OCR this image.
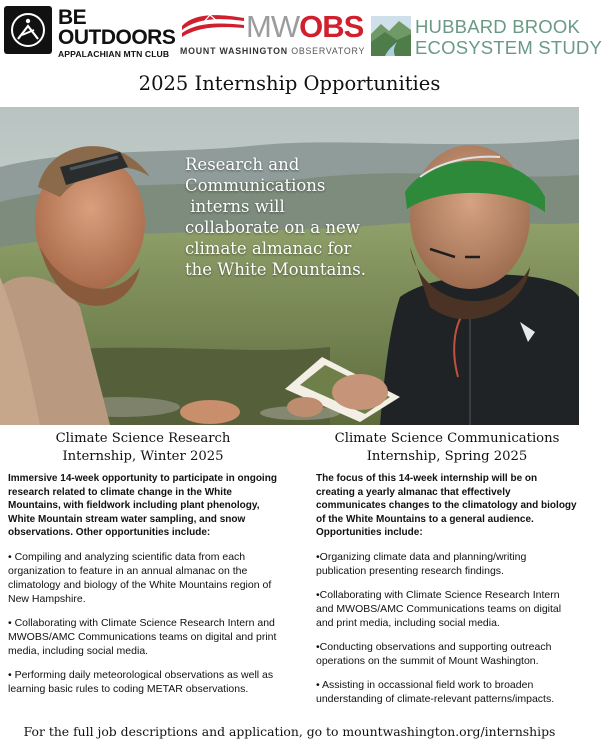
BE
OUTDOORS
APPALACHIAN MTN CLUB
MWOBS
MOUNT WASHINGTON OBSERVATORY
HUBBARD BROOK
ECOSYSTEM STUDY
2025 Internship Opportunities
Research and
Communications
interns will
collaborate on a new
climate almanac for
the White Mountains.
Climate Science Research
Internship, Winter 2025
Immersive 14-week opportunity to participate in ongoing research related to climate change in the White Mountains, with fieldwork including plant phenology, White Mountain stream water sampling, and snow observations. Other opportunities include:
• Compiling and analyzing scientific data from each organization to feature in an annual almanac on the climatology and biology of the White Mountains region of New Hampshire.
• Collaborating with Climate Science Research Intern and MWOBS/AMC Communications teams on digital and print media, including social media.
• Performing daily meteorological observations as well as learning basic rules to coding METAR observations.
Climate Science Communications
Internship, Spring 2025
The focus of this 14-week internship will be on creating a yearly almanac that effectively communicates changes to the climatology and biology of the White Mountains to a general audience. Opportunities include:
•Organizing climate data and planning/writing publication presenting research findings.
•Collaborating with Climate Science Research Intern and MWOBS/AMC Communications teams on digital and print media, including social media.
•Conducting observations and supporting outreach operations on the summit of Mount Washington.
• Assisting in occassional field work to broaden understanding of climate-relevant patterns/impacts.
For the full job descriptions and application, go to mountwashington.org/internships
